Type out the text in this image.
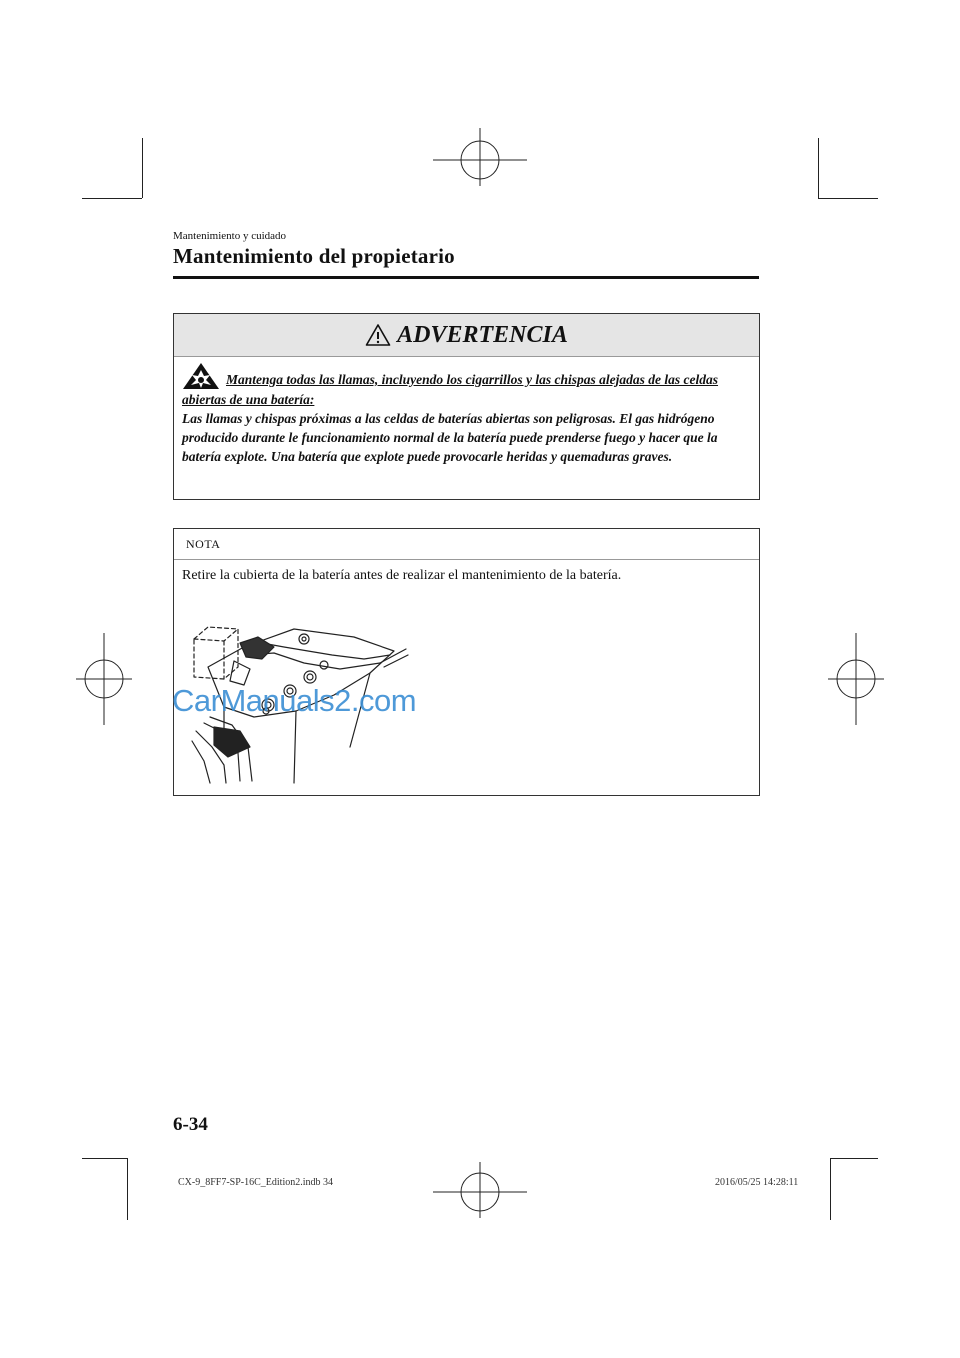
Mantenimiento y cuidado
Mantenimiento del propietario
ADVERTENCIA
Mantenga todas las llamas, incluyendo los cigarrillos y las chispas alejadas de las celdas abiertas de una batería:
Las llamas y chispas próximas a las celdas de baterías abiertas son peligrosas. El gas hidrógeno producido durante le funcionamiento normal de la batería puede prenderse fuego y hacer que la batería explote. Una batería que explote puede provocarle heridas y quemaduras graves.
NOTA
Retire la cubierta de la batería antes de realizar el mantenimiento de la batería.
CarManuals2.com
6-34
CX-9_8FF7-SP-16C_Edition2.indb 34	2016/05/25 14:28:11
